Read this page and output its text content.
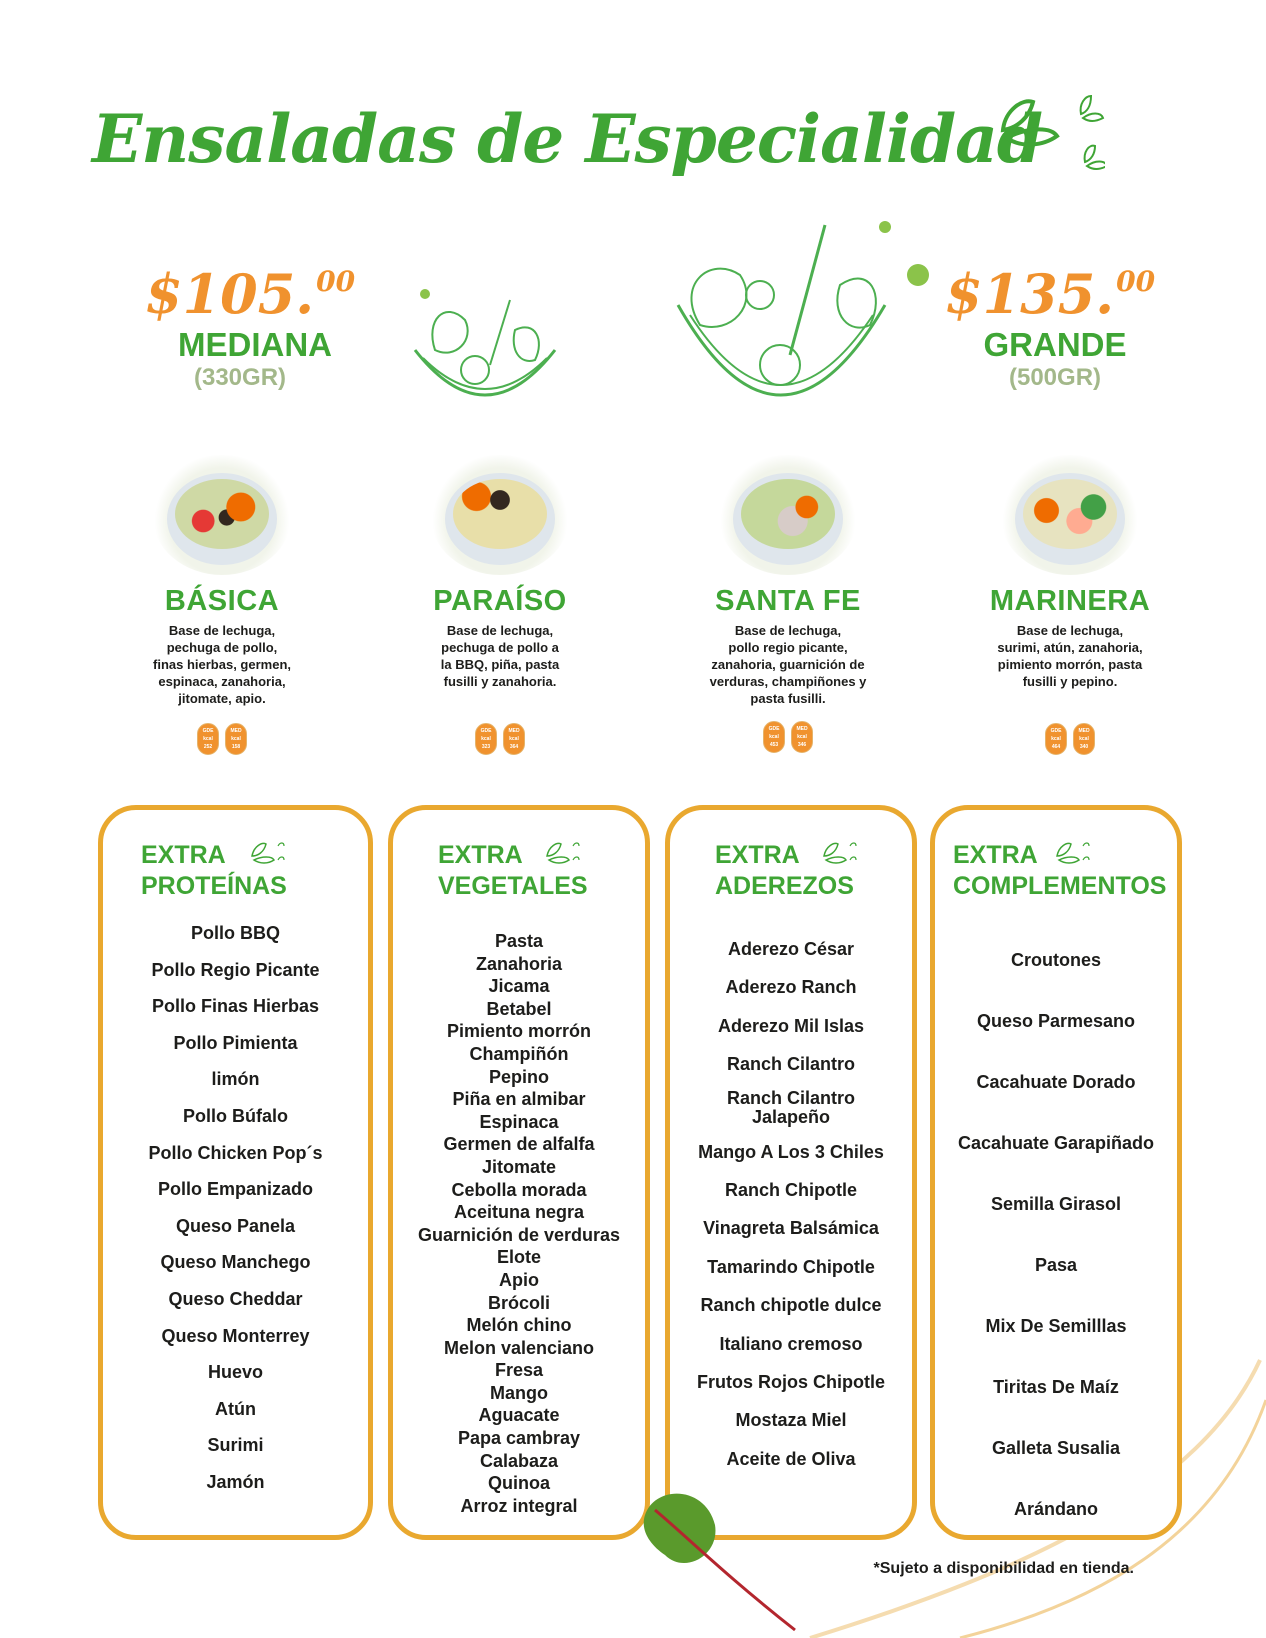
Ensaladas de Especialidad
$105.00
MEDIANA
(330GR)
$135.00
GRANDE
(500GR)
BÁSICA
Base de lechuga,
pechuga de pollo,
finas hierbas, germen,
espinaca, zanahoria,
jitomate, apio.
GDE
kcal
252
MED
kcal
158
PARAÍSO
Base de lechuga,
pechuga de pollo a
la BBQ, piña, pasta
fusilli y zanahoria.
GDE
kcal
323
MED
kcal
364
SANTA FE
Base de lechuga,
pollo regio picante,
zanahoria, guarnición de
verduras, champiñones y
pasta fusilli.
GDE
kcal
453
MED
kcal
346
MARINERA
Base de lechuga,
surimi, atún, zanahoria,
pimiento morrón, pasta
fusilli y pepino.
GDE
kcal
464
MED
kcal
340
EXTRA
PROTEÍNAS
Pollo BBQ
Pollo Regio Picante
Pollo Finas Hierbas
Pollo Pimienta
limón
Pollo Búfalo
Pollo Chicken Pop´s
Pollo Empanizado
Queso Panela
Queso Manchego
Queso Cheddar
Queso Monterrey
Huevo
Atún
Surimi
Jamón
EXTRA
VEGETALES
Pasta
Zanahoria
Jicama
Betabel
Pimiento morrón
Champiñón
Pepino
Piña en almibar
Espinaca
Germen de alfalfa
Jitomate
Cebolla morada
Aceituna negra
Guarnición de verduras
Elote
Apio
Brócoli
Melón chino
Melon valenciano
Fresa
Mango
Aguacate
Papa cambray
Calabaza
Quinoa
Arroz integral
EXTRA
ADEREZOS
Aderezo César
Aderezo Ranch
Aderezo Mil Islas
Ranch Cilantro
Ranch Cilantro Jalapeño
Mango A Los 3 Chiles
Ranch Chipotle
Vinagreta Balsámica
Tamarindo Chipotle
Ranch chipotle dulce
Italiano cremoso
Frutos Rojos Chipotle
Mostaza Miel
Aceite de Oliva
EXTRA
COMPLEMENTOS
Croutones
Queso Parmesano
Cacahuate Dorado
Cacahuate Garapiñado
Semilla Girasol
Pasa
Mix De Semilllas
Tiritas De Maíz
Galleta Susalia
Arándano
*Sujeto a disponibilidad en tienda.
